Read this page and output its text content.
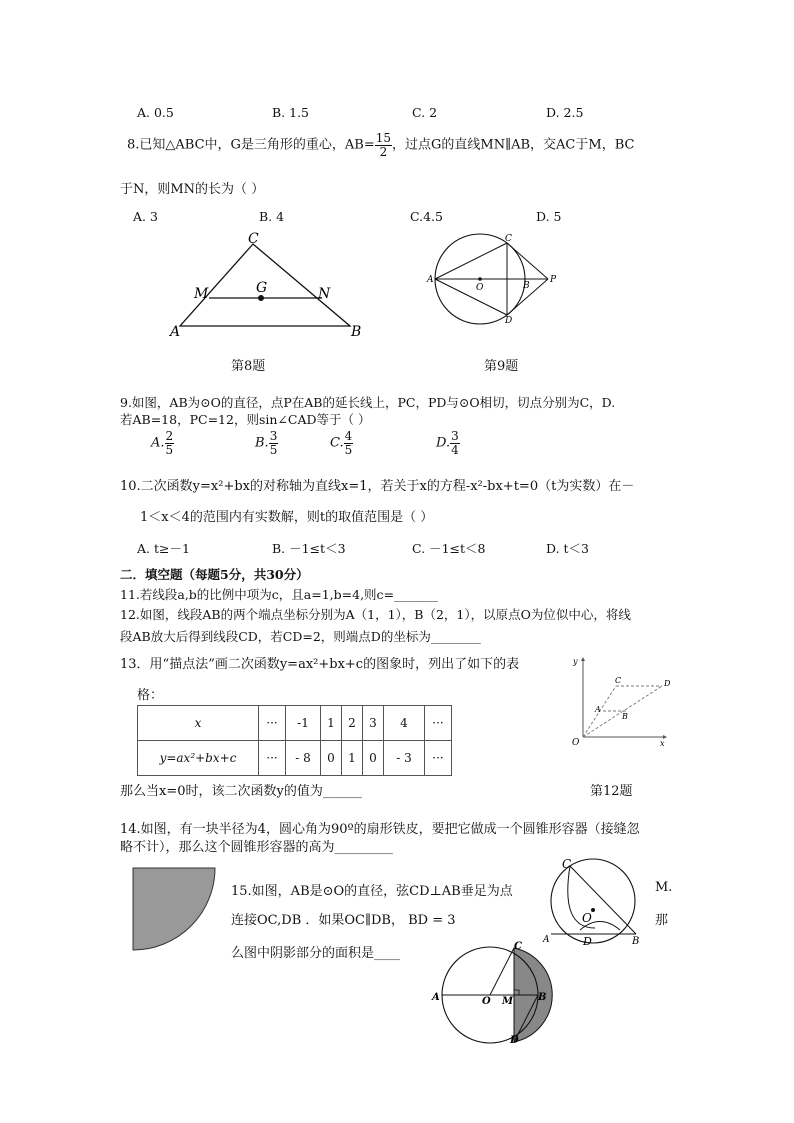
A. 0.5	B. 1.5	C. 2	D. 2.5
8.已知△ABC中，G是三角形的重心，$AB= \frac{15}{2}$ ，过点G的直线MN∥AB，交AC于M，BC
于N，则MN的长为（ ）
A. 3	B. 4	C.4.5	D. 5
C
G
M	N
A	B
A
O	B
P
C
D
第8题	第9题
9.如图，AB为⊙O的直径，点P在AB的延长线上，PC，PD与⊙O相切，切点分别为C，D.
若AB=18，PC=12，则sin∠CAD等于（ ）
A. $\frac{2}{5}$	B. $\frac{3}{5}$	C. $\frac{4}{5}$	D. $\frac{3}{4}$
10.二次函数y=x²+bx的对称轴为直线x=1，若关于x的方程-x²-bx+t=0（t为实数）在－
1＜x＜4的范围内有实数解，则t的取值范围是（ ）
A. t≥－1	B. －1≤t＜3	C. －1≤t＜8	D. t＜3
二．填空题（每题5分，共30分）
11.若线段a,b的比例中项为c，且a=1,b=4,则c=_______
12.如图，线段AB的两个端点坐标分别为A（1，1），B（2，1），以原点O为位似中心，将线
段AB放大后得到线段CD，若CD=2，则端点D的坐标为________
13．用“描点法”画二次函数y=ax²+bx+c的图象时，列出了如下的表
格：
x	···	-1	1	2	3	4	···
y=ax²+bx+c	···	- 8	0	1	0	- 3	···
那么当x=0时，该二次函数y的值为______
y
x
O
A
B
C	D
第12题
14.如图，有一块半径为4，圆心角为90º的扇形铁皮，要把它做成一个圆锥形容器（接缝忽
略不计），那么这个圆锥形容器的高为_________
15.如图，AB是⊙O的直径，弦CD⊥AB垂足为点	M.
连接OC,DB ．如果OC∥DB， BD = 3	那
么图中阴影部分的面积是____
C
O
A	D	B
A	O M B
C
D
